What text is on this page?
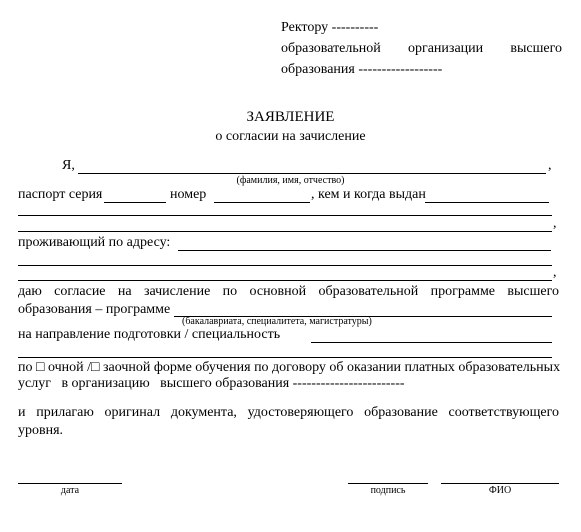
Ректору ----------
образовательной организации высшего
образования ------------------
ЗАЯВЛЕНИЕ
о согласии на зачисление
Я,	,
(фамилия, имя, отчество)
паспорт серия	номер	, кем и когда выдан
,
проживающий по адресу:
,
даю согласие на зачисление по основной образовательной программе высшего
образования – программе
(бакалавриата, специалитета, магистратуры)
на направление подготовки / специальность
по □ очной /□ заочной форме обучения по договору об оказании платных образовательных
услуг   в организацию   высшего образования ------------------------
и прилагаю оригинал документа, удостоверяющего образование соответствующего
уровня.
дата	подпись	ФИО
